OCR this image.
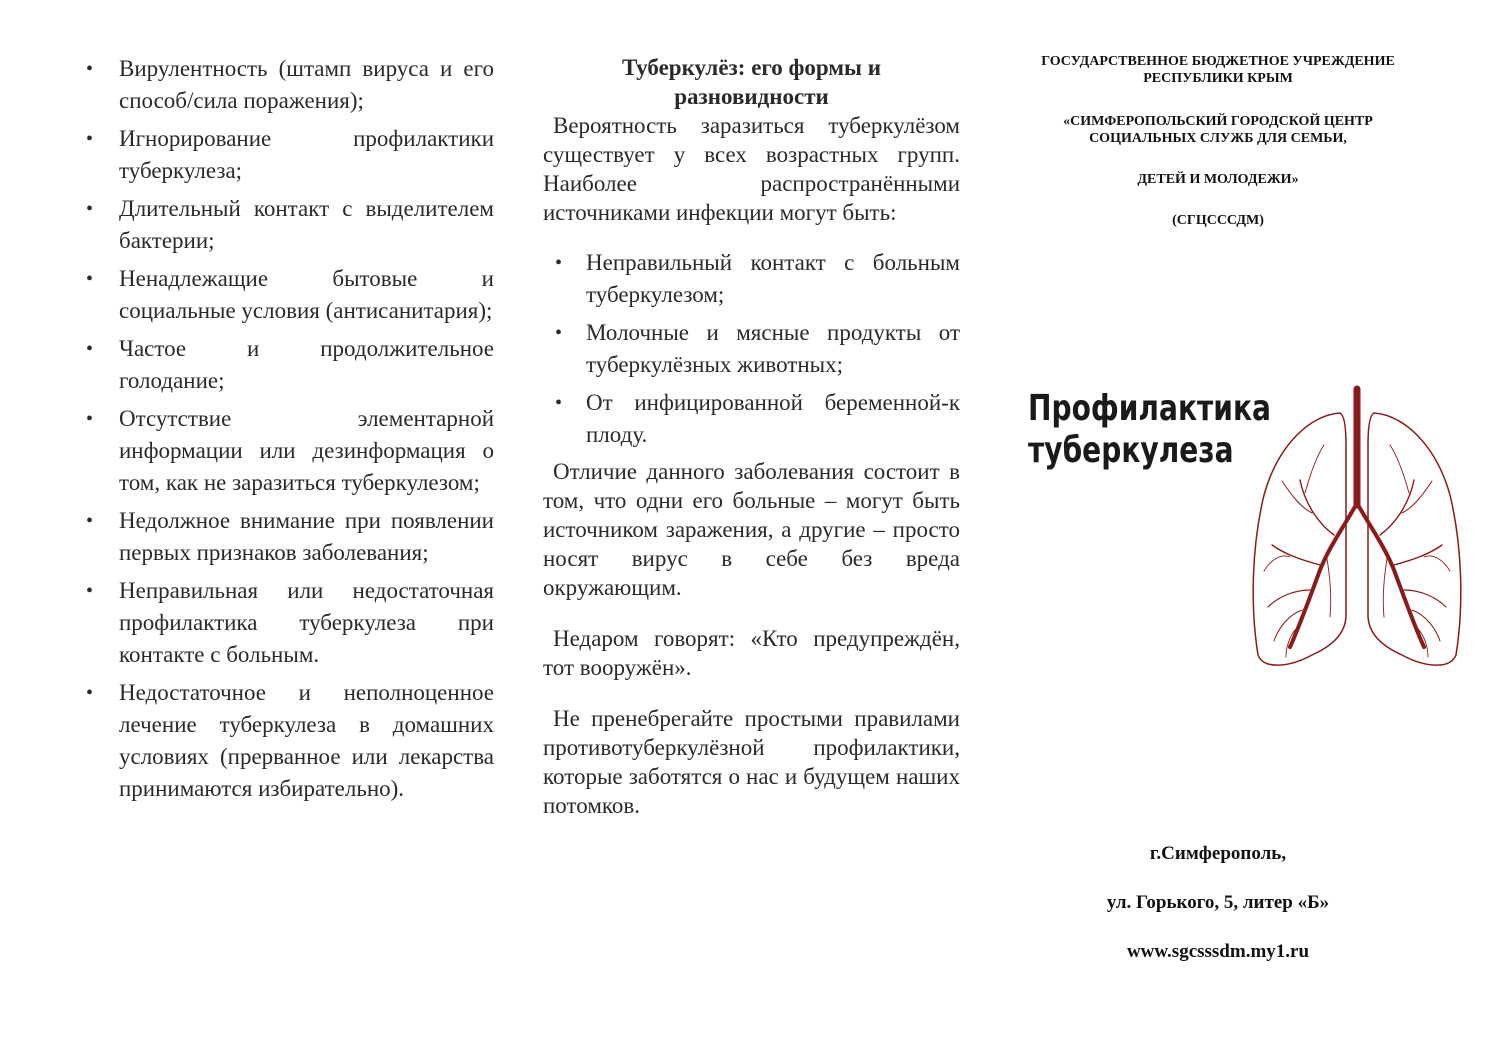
• Вирулентность (штамп вируса и его способ/сила поражения);
• Игнорирование профилактики туберкулеза;
• Длительный контакт с выделителем бактерии;
• Ненадлежащие бытовые и социальные условия (антисанитария);
• Частое и продолжительное голодание;
• Отсутствие элементарной информации или дезинформация о том, как не заразиться туберкулезом;
• Недолжное внимание при появлении первых признаков заболевания;
• Неправильная или недостаточная профилактика туберкулеза при контакте с больным.
• Недостаточное и неполноценное лечение туберкулеза в домашних условиях (прерванное или лекарства принимаются избирательно).
Туберкулёз: его формы и разновидности

Вероятность заразиться туберкулёзом существует у всех возрастных групп. Наиболее распространёнными источниками инфекции могут быть:

• Неправильный контакт с больным туберкулезом;
• Молочные и мясные продукты от туберкулёзных животных;
• От инфицированной беременной-к плоду.

Отличие данного заболевания состоит в том, что одни его больные – могут быть источником заражения, а другие – просто носят вирус в себе без вреда окружающим.

Недаром говорят: «Кто предупреждён, тот вооружён».

Не пренебрегайте простыми правилами противотуберкулёзной профилактики, которые заботятся о нас и будущем наших потомков.

ГОСУДАРСТВЕННОЕ БЮДЖЕТНОЕ УЧРЕЖДЕНИЕ РЕСПУБЛИКИ КРЫМ

«СИМФЕРОПОЛЬСКИЙ ГОРОДСКОЙ ЦЕНТР СОЦИАЛЬНЫХ СЛУЖБ ДЛЯ СЕМЬИ,

ДЕТЕЙ И МОЛОДЕЖИ»

(СГЦСССДМ)

Профилактика
туберкулеза
г.Симферополь,
ул. Горького, 5, литер «Б»
www.sgcsssdm.my1.ru
